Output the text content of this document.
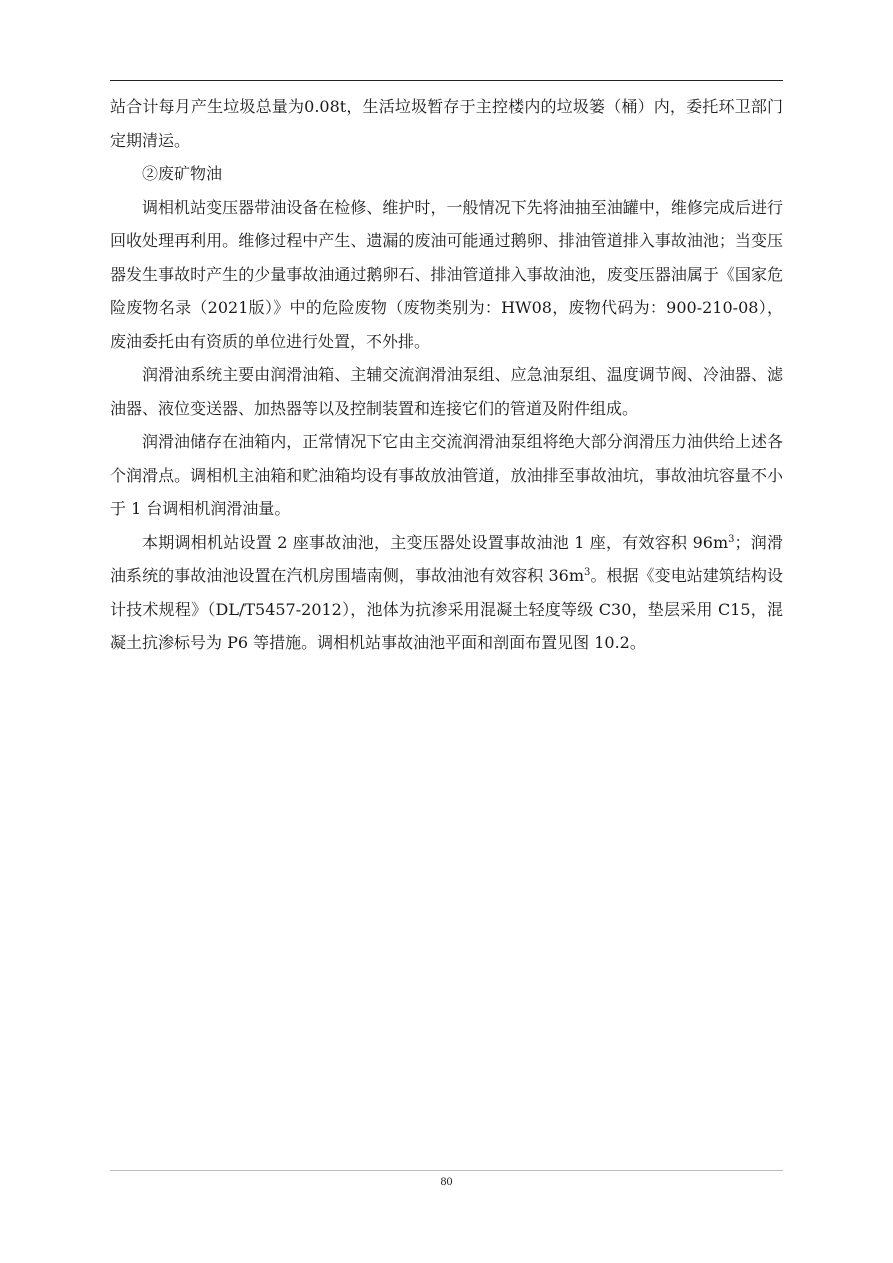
站合计每月产生垃圾总量为0.08t，生活垃圾暂存于主控楼内的垃圾篓（桶）内，委托环卫部门定期清运。

②废矿物油

调相机站变压器带油设备在检修、维护时，一般情况下先将油抽至油罐中，维修完成后进行回收处理再利用。维修过程中产生、遗漏的废油可能通过鹅卵、排油管道排入事故油池；当变压器发生事故时产生的少量事故油通过鹅卵石、排油管道排入事故油池，废变压器油属于《国家危险废物名录（2021版）》中的危险废物（废物类别为：HW08，废物代码为：900-210-08），废油委托由有资质的单位进行处置，不外排。

润滑油系统主要由润滑油箱、主辅交流润滑油泵组、应急油泵组、温度调节阀、冷油器、滤油器、液位变送器、加热器等以及控制装置和连接它们的管道及附件组成。

润滑油储存在油箱内，正常情况下它由主交流润滑油泵组将绝大部分润滑压力油供给上述各个润滑点。调相机主油箱和贮油箱均设有事故放油管道，放油排至事故油坑，事故油坑容量不小于 1 台调相机润滑油量。

本期调相机站设置 2 座事故油池，主变压器处设置事故油池 1 座，有效容积 $96m^3$；润滑油系统的事故油池设置在汽机房围墙南侧，事故油池有效容积 $36m^3$。根据《变电站建筑结构设计技术规程》（DL/T5457-2012），池体为抗渗采用混凝土轻度等级 C30，垫层采用 C15，混凝土抗渗标号为 P6 等措施。调相机站事故油池平面和剖面布置见图 10.2。

80
